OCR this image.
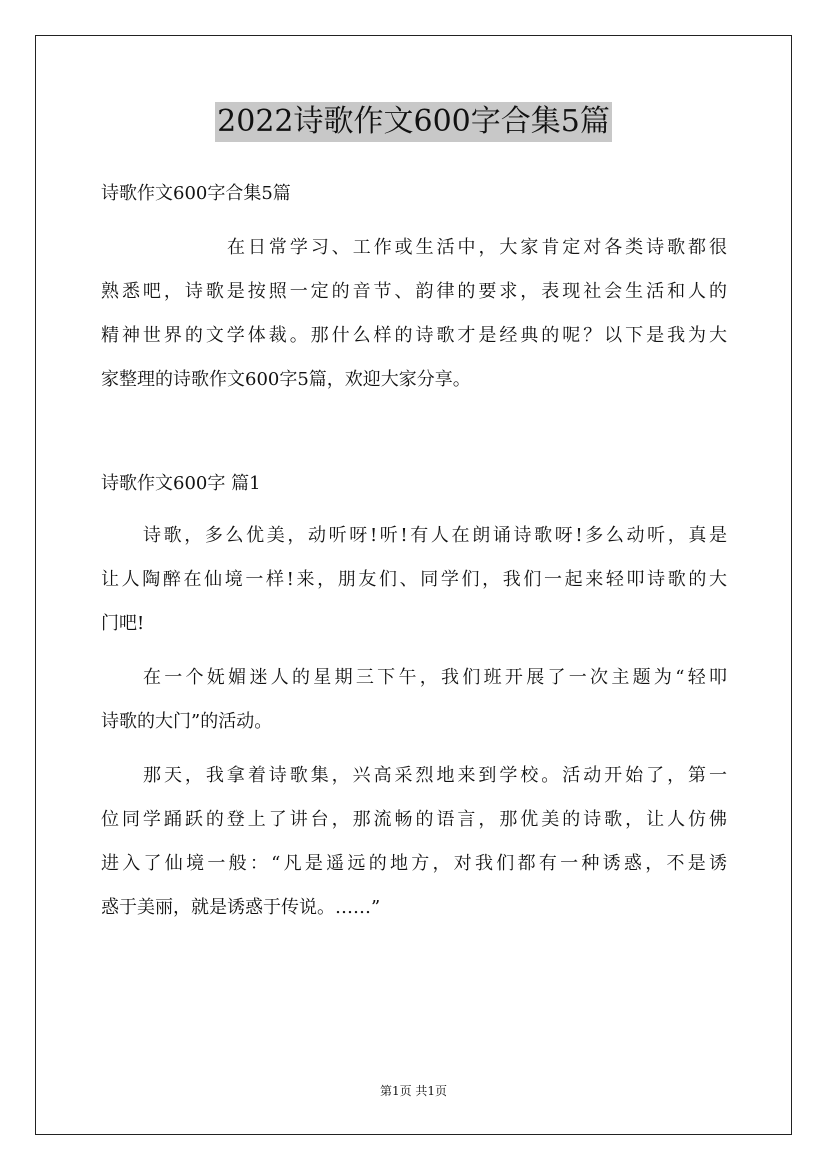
2022诗歌作文600字合集5篇
诗歌作文600字合集5篇
在日常学习、工作或生活中，大家肯定对各类诗歌都很
熟悉吧，诗歌是按照一定的音节、韵律的要求，表现社会生活和人的
精神世界的文学体裁。那什么样的诗歌才是经典的呢？以下是我为大
家整理的诗歌作文600字5篇，欢迎大家分享。
诗歌作文600字 篇1
诗歌，多么优美，动听呀!听!有人在朗诵诗歌呀!多么动听，真是
让人陶醉在仙境一样!来，朋友们、同学们，我们一起来轻叩诗歌的大
门吧!
在一个妩媚迷人的星期三下午，我们班开展了一次主题为“轻叩
诗歌的大门”的活动。
那天，我拿着诗歌集，兴高采烈地来到学校。活动开始了，第一
位同学踊跃的登上了讲台，那流畅的语言，那优美的诗歌，让人仿佛
进入了仙境一般：“凡是遥远的地方，对我们都有一种诱惑，不是诱
惑于美丽，就是诱惑于传说。……”
第1页 共1页
